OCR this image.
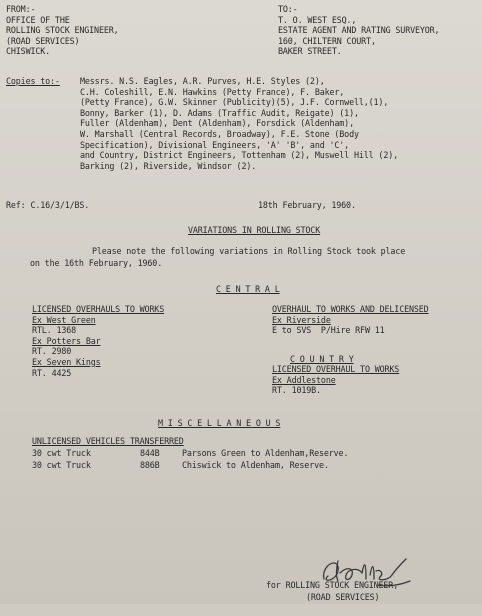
FROM:-
OFFICE OF THE
ROLLING STOCK ENGINEER,
(ROAD SERVICES)
CHISWICK.
TO:-
T. O. WEST ESQ.,
ESTATE AGENT AND RATING SURVEYOR,
160, CHILTERN COURT,
BAKER STREET.
Copies to:- Messrs. N.S. Eagles, A.R. Purves, H.E. Styles (2),
C.H. Coleshill, E.N. Hawkins (Petty France), F. Baker,
(Petty France), G.W. Skinner (Publicity)(5), J.F. Cornwell,(1),
Bonny, Barker (1), D. Adams (Traffic Audit, Reigate) (1),
Fuller (Aldenham), Dent (Aldenham), Forsdick (Aldenham),
W. Marshall (Central Records, Broadway), F.E. Stone (Body
Specification), Divisional Engineers, 'A' 'B', and 'C',
and Country, District Engineers, Tottenham (2), Muswell Hill (2),
Barking (2), Riverside, Windsor (2).
Ref: C.16/3/1/BS.	18th February, 1960.
VARIATIONS IN ROLLING STOCK
Please note the following variations in Rolling Stock took place
on the 16th February, 1960.
C E N T R A L
LICENSED OVERHAULS TO WORKS
Ex West Green
RTL. 1368
Ex Potters Bar
RT. 2980
Ex Seven Kings
RT. 4425
OVERHAUL TO WORKS AND DELICENSED
Ex Riverside
E to SVS  P/Hire RFW 11
C O U N T R Y
LICENSED OVERHAUL TO WORKS
Ex Addlestone
RT. 1019B.
M I S C E L L A N E O U S
UNLICENSED VEHICLES TRANSFERRED
30 cwt Truck	844B	Parsons Green to Aldenham,Reserve.
30 cwt Truck	886B	Chiswick to Aldenham, Reserve.

for ROLLING STOCK ENGINEER,
(ROAD SERVICES)
